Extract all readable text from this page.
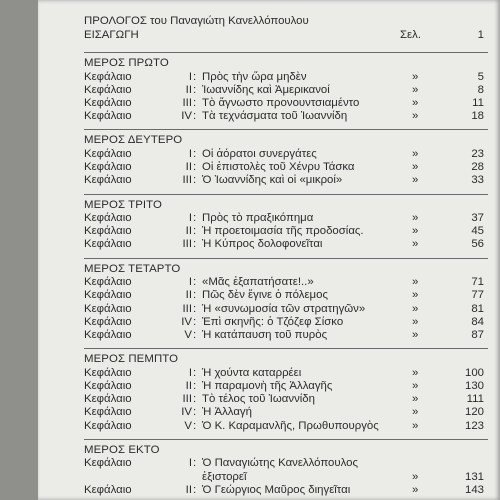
ΠΡΟΛΟΓΟΣ του Παναγιώτη Κανελλόπουλου
ΕΙΣΑΓΩΓΗ	Σελ.	1
ΜΕΡΟΣ ΠΡΩΤΟ
Κεφάλαιο	I : Πρὸς τὴν ὥρα μηδὲν	»	5
Κεφάλαιο	II : Ἰωαννίδης καὶ Ἀμερικανοί	»	8
Κεφάλαιο	III : Τὸ ἄγνωστο προνουντσιαμέντο	»	11
Κεφάλαιο	IV : Τὰ τεχνάσματα τοῦ Ἰωαννίδη	»	18
ΜΕΡΟΣ ΔΕΥΤΕΡΟ
Κεφάλαιο	I : Οἱ ἀόρατοι συνεργάτες	»	23
Κεφάλαιο	II : Οἱ ἐπιστολὲς τοῦ Χένρυ Τάσκα	»	28
Κεφάλαιο	III : Ὁ Ἰωαννίδης καὶ οἱ «μικροί»	»	33
ΜΕΡΟΣ ΤΡΙΤΟ
Κεφάλαιο	I : Πρὸς τὸ πραξικόπημα	»	37
Κεφάλαιο	II : Ἡ προετοιμασία τῆς προδοσίας.	»	45
Κεφάλαιο	III : Ἡ Κύπρος δολοφονεῖται	»	56
ΜΕΡΟΣ ΤΕΤΑΡΤΟ
Κεφάλαιο	I : «Μᾶς ἐξαπατήσατε!..»	»	71
Κεφάλαιο	II : Πῶς δὲν ἔγινε ὁ πόλεμος	»	77
Κεφάλαιο	III : Ἡ «συνωμοσία τῶν στρατηγῶν»	»	81
Κεφάλαιο	IV : Ἐπὶ σκηνῆς: ὁ Τζόζεφ Σίσκο	»	84
Κεφάλαιο	V : Ἡ κατάπαυση τοῦ πυρὸς	»	87
ΜΕΡΟΣ ΠΕΜΠΤΟ
Κεφάλαιο	I : Ἡ χούντα καταρρέει	»	100
Κεφάλαιο	II : Ἡ παραμονὴ τῆς Ἀλλαγῆς	»	130
Κεφάλαιο	III : Τὸ τέλος τοῦ Ἰωαννίδη	»	111
Κεφάλαιο	IV : Ἡ Ἀλλαγή	»	120
Κεφάλαιο	V : Ὁ Κ. Καραμανλῆς, Πρωθυπουργὸς	»	123
ΜΕΡΟΣ ΕΚΤΟ
Κεφάλαιο	I : Ὁ Παναγιώτης Κανελλόπουλος
ἐξιστορεῖ	»	131
Κεφάλαιο	II : Ὁ Γεώργιος Μαῦρος διηγεῖται	»	143
